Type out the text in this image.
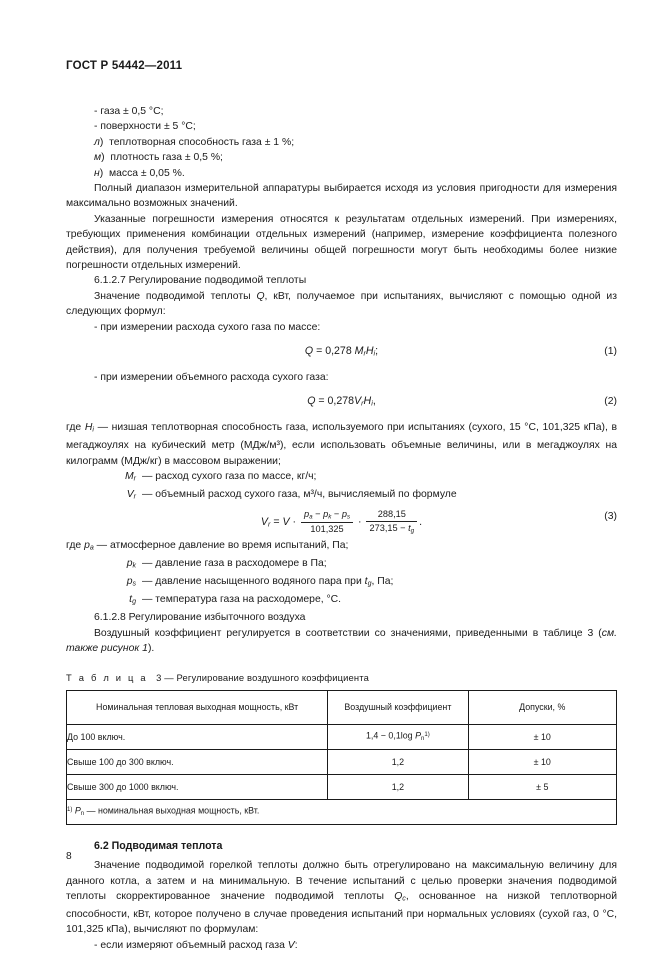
ГОСТ Р 54442—2011

- газа ± 0,5 °С;

- поверхности ± 5 °С;

л)  теплотворная способность газа ± 1 %;

м)  плотность газа ± 0,5 %;

н)  масса ± 0,05 %.

Полный диапазон измерительной аппаратуры выбирается исходя из условия пригодности для измерения максимально возможных значений.

Указанные погрешности измерения относятся к результатам отдельных измерений. При измерениях, требующих применения комбинации отдельных измерений (например, измерение коэффициента полезного действия), для получения требуемой величины общей погрешности могут быть необходимы более низкие погрешности отдельных измерений.

6.1.2.7 Регулирование подводимой теплоты

Значение подводимой теплоты Q, кВт, получаемое при испытаниях, вычисляют с помощью одной из следующих формул:

- при измерении расхода сухого газа по массе:

Q = 0,278 $M_rH_i$;	(1)

- при измерении объемного расхода сухого газа:

$Q = 0,278V_rH_i$,	(2)
где $H_i$ — низшая теплотворная способность газа, используемого при испытаниях (сухого, 15 °С, 101,325 кПа), в мегаджоулях на кубический метр (МДж/м³), если использовать объемные величины, или в мегаджоулях на килограмм (МДж/кг) в массовом выражении;
$M_r$ — расход сухого газа по массе, кг/ч;
$V_r$ — объемный расход сухого газа, м³/ч, вычисляемый по формуле
$V_r = V \cdot \frac{p_a - p_k - p_s}{101,325} \cdot \frac{288,15}{273,15 - t_g}$ .	(3)
где $p_a$ — атмосферное давление во время испытаний, Па;
$p_k$ — давление газа в расходомере в Па;
$p_s$ — давление насыщенного водяного пара при $t_g$, Па;
$t_g$ — температура газа на расходомере, °С.

6.1.2.8 Регулирование избыточного воздуха

Воздушный коэффициент регулируется в соответствии со значениями, приведенными в таблице 3 (см. также рисунок 1).

Т а б л и ц а 3 — Регулирование воздушного коэффициента
Номинальная тепловая выходная мощность, кВт	Воздушный коэффициент	Допуски, %
До 100 включ.	1,4 − 0,1log $P_n^{1)}$	± 10
Свыше 100 до 300 включ.	1,2	± 10
Свыше 300 до 1000 включ.	1,2	± 5
$^{1)}$ $P_n$ — номинальная выходная мощность, кВт.		

6.2 Подводимая теплота

Значение подводимой горелкой теплоты должно быть отрегулировано на максимальную величину для данного котла, а затем и на минимальную. В течение испытаний с целью проверки значения подводимой теплоты скорректированное значение подводимой теплоты $Q_c$, основанное на низкой теплотворной способности, кВт, которое получено в случае проведения испытаний при нормальных условиях (сухой газ, 0 °С, 101,325 кПа), вычисляют по формулам:

- если измеряют объемный расход газа V:

8
